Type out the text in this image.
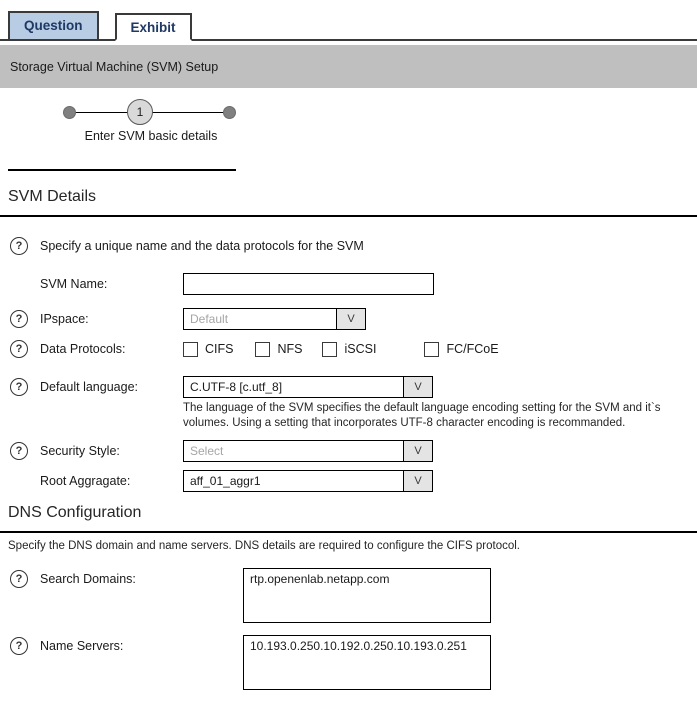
Question	Exhibit
Storage Virtual Machine (SVM) Setup
1
Enter SVM basic details
SVM Details
?	Specify a unique name and the data protocols for the SVM
SVM Name:
?	IPspace:	Default	V
?	Data Protocols:	CIFS	NFS	iSCSI	FC/FCoE
?	Default language:	C.UTF-8 [c.utf_8]	V
The language of the SVM specifies the default language encoding setting for the SVM and it`s volumes. Using a setting that incorporates UTF-8 character encoding is recommanded.
?	Security Style:	Select	V
Root Aggragate:	aff_01_aggr1	V
DNS Configuration
Specify the DNS domain and name servers. DNS details are required to configure the CIFS protocol.
?	Search Domains:
rtp.openenlab.netapp.com
?	Name Servers:
10.193.0.250.10.192.0.250.10.193.0.251
